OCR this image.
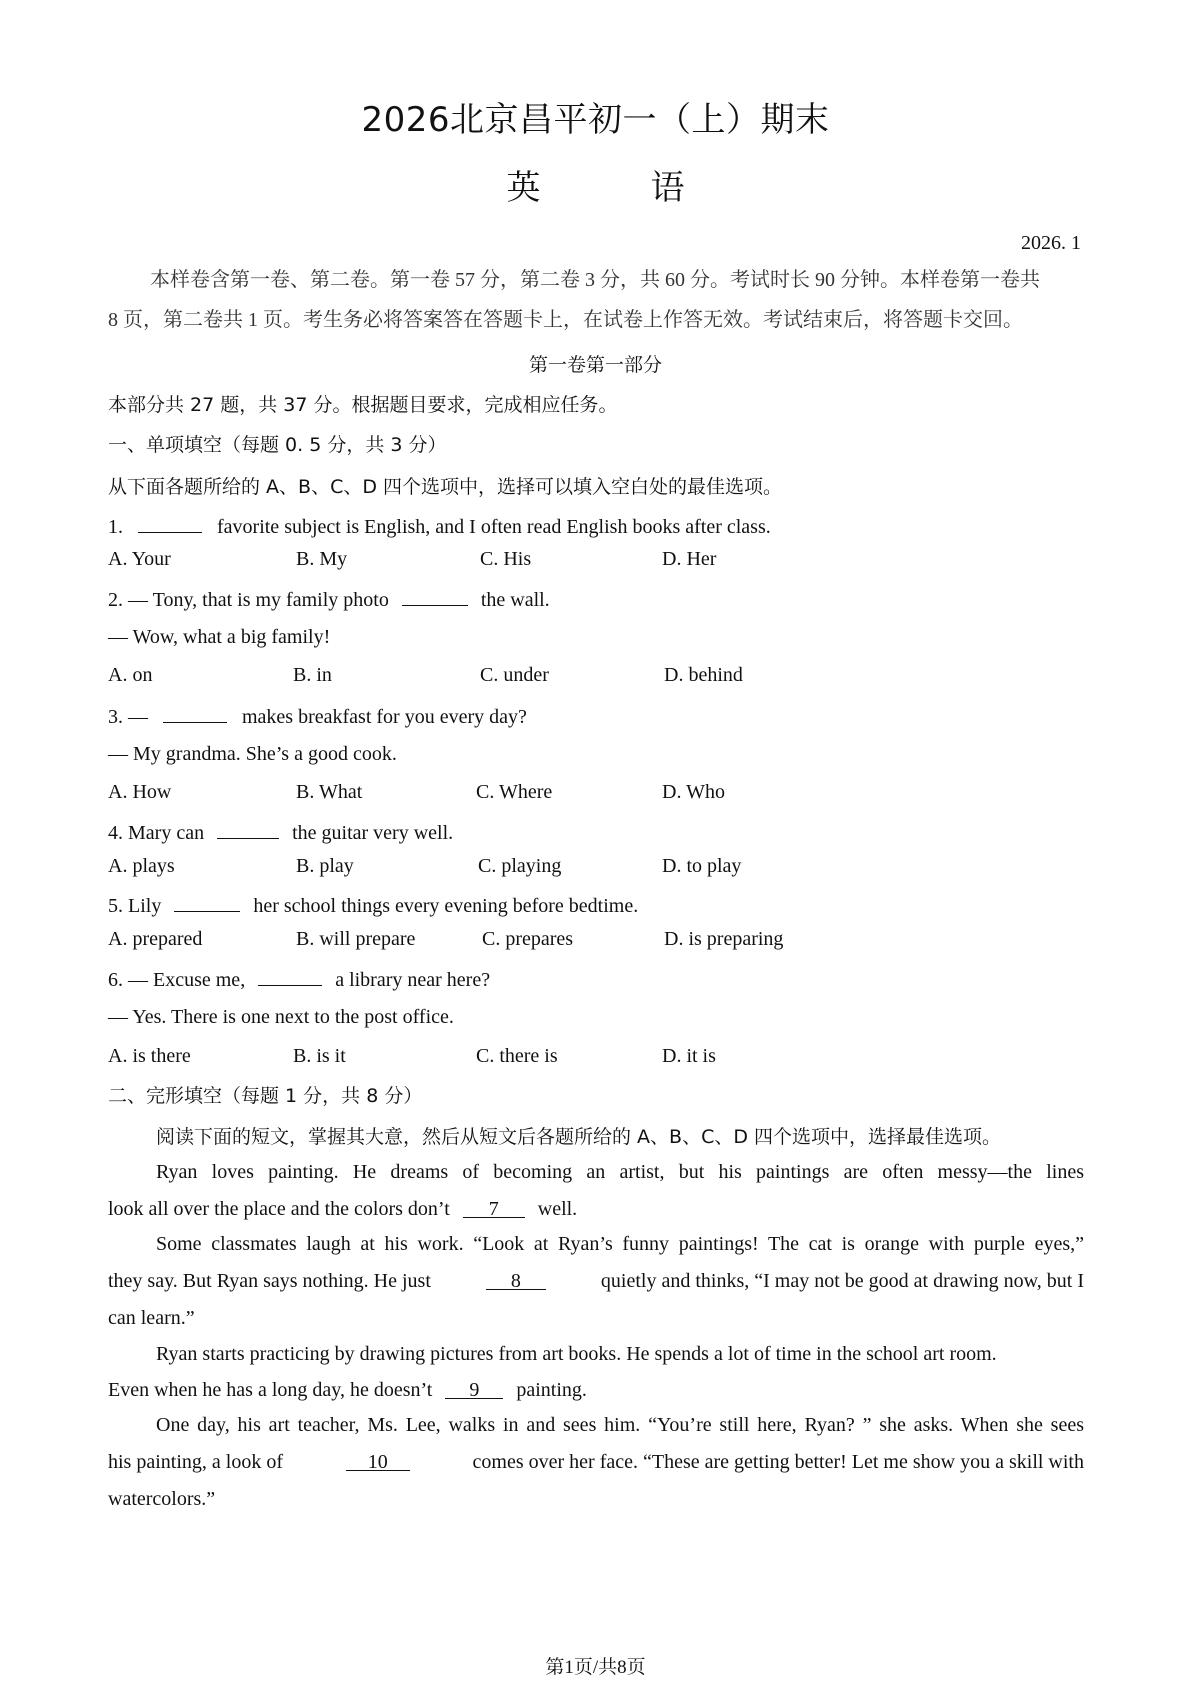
2026北京昌平初一（上）期末
英	语
2026. 1
本样卷含第一卷、第二卷。第一卷 57 分，第二卷 3 分，共 60 分。考试时长 90 分钟。本样卷第一卷共
8 页，第二卷共 1 页。考生务必将答案答在答题卡上，在试卷上作答无效。考试结束后，将答题卡交回。
第一卷第一部分
本部分共 27 题，共 37 分。根据题目要求，完成相应任务。
一、单项填空（每题 0. 5 分，共 3 分）
从下面各题所给的 A、B、C、D 四个选项中，选择可以填入空白处的最佳选项。
1.	favorite subject is English, and I often read English books after class.
A. Your	B. My	C. His	D. Her
2. — Tony, that is my family photo	the wall.
— Wow, what a big family!
A. on	B. in	C. under	D. behind
3. —	makes breakfast for you every day?
— My grandma. She’s a good cook.
A. How	B. What	C. Where	D. Who
4. Mary can	the guitar very well.
A. plays	B. play	C. playing	D. to play
5. Lily	her school things every evening before bedtime.
A. prepared	B. will prepare	C. prepares	D. is preparing
6. — Excuse me,	a library near here?
— Yes. There is one next to the post office.
A. is there	B. is it	C. there is	D. it is
二、完形填空（每题 1 分，共 8 分）
阅读下面的短文，掌握其大意，然后从短文后各题所给的 A、B、C、D 四个选项中，选择最佳选项。
Ryan loves painting. He dreams of becoming an artist, but his paintings are often messy—the lines
look all over the place and the colors don’t 7 well.
Some classmates laugh at his work. “Look at Ryan’s funny paintings! The cat is orange with purple eyes,”
they say. But Ryan says nothing. He just	8	quietly and thinks, “I may not be good at drawing now, but I
can learn.”
Ryan starts practicing by drawing pictures from art books. He spends a lot of time in the school art room.
Even when he has a long day, he doesn’t 9 painting.
One day, his art teacher, Ms. Lee, walks in and sees him. “You’re still here, Ryan? ” she asks. When she sees
his painting, a look of	10	comes over her face. “These are getting better! Let me show you a skill with
watercolors.”
第1页/共8页
